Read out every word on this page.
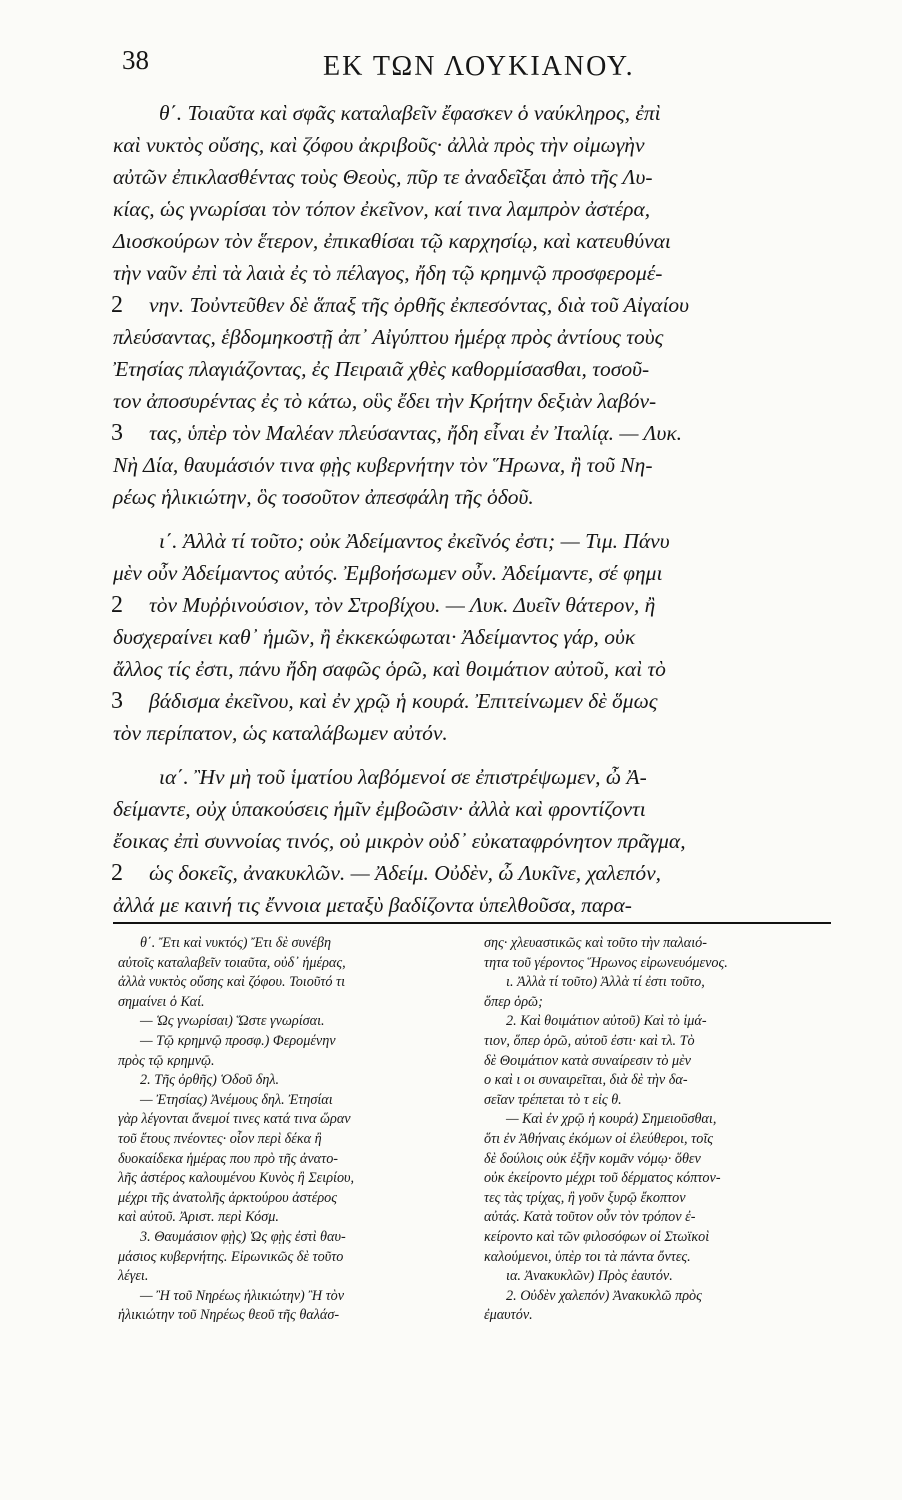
38	ΕΚ ΤΩΝ ΛΟΥΚΙΑΝΟΥ.
θ΄. Τοιαῦτα καὶ σφᾶς καταλαβεῖν ἔφασκεν ὁ ναύκληρος, ἐπὶ
καὶ νυκτὸς οὔσης, καὶ ζόφου ἀκριβοῦς· ἀλλὰ πρὸς τὴν οἰμωγὴν
αὐτῶν ἐπικλασθέντας τοὺς Θεοὺς, πῦρ τε ἀναδεῖξαι ἀπὸ τῆς Λυ-
κίας, ὡς γνωρίσαι τὸν τόπον ἐκεῖνον, καί τινα λαμπρὸν ἀστέρα,
Διοσκούρων τὸν ἕτερον, ἐπικαθίσαι τῷ καρχησίῳ, καὶ κατευθύναι
τὴν ναῦν ἐπὶ τὰ λαιὰ ἐς τὸ πέλαγος, ἤδη τῷ κρημνῷ προσφερομέ-
2 νην. Τοὐντεῦθεν δὲ ἅπαξ τῆς ὀρθῆς ἐκπεσόντας, διὰ τοῦ Αἰγαίου
πλεύσαντας, ἑβδομηκοστῇ ἀπ᾽ Αἰγύπτου ἡμέρᾳ πρὸς ἀντίους τοὺς
Ἐτησίας πλαγιάζοντας, ἐς Πειραιᾶ χθὲς καθορμίσασθαι, τοσοῦ-
τον ἀποσυρέντας ἐς τὸ κάτω, οὓς ἔδει τὴν Κρήτην δεξιὰν λαβόν-
3 τας, ὑπὲρ τὸν Μαλέαν πλεύσαντας, ἤδη εἶναι ἐν Ἰταλίᾳ. — Λυκ.
Νὴ Δία, θαυμάσιόν τινα φῂς κυβερνήτην τὸν Ἥρωνα, ἢ τοῦ Νη-
ρέως ἡλικιώτην, ὃς τοσοῦτον ἀπεσφάλη τῆς ὁδοῦ.
ι΄. Ἀλλὰ τί τοῦτο; οὐκ Ἀδείμαντος ἐκεῖνός ἐστι; — Τιμ. Πάνυ
μὲν οὖν Ἀδείμαντος αὐτός. Ἐμβοήσωμεν οὖν. Ἀδείμαντε, σέ φημι
2 τὸν Μυῤῥινούσιον, τὸν Στροβίχου. — Λυκ. Δυεῖν θάτερον, ἢ
δυσχεραίνει καθ᾽ ἡμῶν, ἢ ἐκκεκώφωται· Ἀδείμαντος γάρ, οὐκ
ἄλλος τίς ἐστι, πάνυ ἤδη σαφῶς ὁρῶ, καὶ θοιμάτιον αὐτοῦ, καὶ τὸ
3 βάδισμα ἐκεῖνου, καὶ ἐν χρῷ ἡ κουρά. Ἐπιτείνωμεν δὲ ὅμως
τὸν περίπατον, ὡς καταλάβωμεν αὐτόν.
ια΄. Ἢν μὴ τοῦ ἱματίου λαβόμενοί σε ἐπιστρέψωμεν, ὦ Ἀ-
δείμαντε, οὐχ ὑπακούσεις ἡμῖν ἐμβοῶσιν· ἀλλὰ καὶ φροντίζοντι
ἔοικας ἐπὶ συννοίας τινός, οὐ μικρὸν οὐδ᾽ εὐκαταφρόνητον πρᾶγμα,
2 ὡς δοκεῖς, ἀνακυκλῶν. — Ἀδείμ. Οὐδὲν, ὦ Λυκῖνε, χαλεπόν,
ἀλλά με καινή τις ἔννοια μεταξὺ βαδίζοντα ὑπελθοῦσα, παρα-

θ΄. Ἔτι καὶ νυκτός) Ἔτι δὲ συνέβη

αὐτοῖς καταλαβεῖν τοιαῦτα, οὐδ᾽ ἡμέρας,

ἀλλὰ νυκτὸς οὔσης καὶ ζόφου. Τοιοῦτό τι

σημαίνει ὁ Καί.

— Ὡς γνωρίσαι) Ὥστε γνωρίσαι.

— Τῷ κρημνῷ προσφ.) Φερομένην

πρὸς τῷ κρημνῷ.

2. Τῆς ὀρθῆς) Ὁδοῦ δηλ.

— Ἐτησίας) Ἀνέμους δηλ. Ἐτησίαι

γὰρ λέγονται ἄνεμοί τινες κατά τινα ὥραν

τοῦ ἔτους πνέοντες· οἷον περὶ δέκα ἢ

δυοκαίδεκα ἡμέρας που πρὸ τῆς ἀνατο-

λῆς ἀστέρος καλουμένου Κυνὸς ἢ Σειρίου,

μέχρι τῆς ἀνατολῆς ἀρκτούρου ἀστέρος

καὶ αὐτοῦ. Ἀριστ. περὶ Κόσμ.

3. Θαυμάσιον φῂς) Ὡς φῂς ἐστὶ θαυ-

μάσιος κυβερνήτης. Εἰρωνικῶς δὲ τοῦτο

λέγει.

— Ἢ τοῦ Νηρέως ἡλικιώτην) Ἢ τὸν

ἡλικιώτην τοῦ Νηρέως θεοῦ τῆς θαλάσ-

σης· χλευαστικῶς καὶ τοῦτο τὴν παλαιό-

τητα τοῦ γέροντος Ἥρωνος εἰρωνευόμενος.

ι. Ἀλλὰ τί τοῦτο) Ἀλλὰ τί ἐστι τοῦτο,

ὅπερ ὁρῶ;

2. Καὶ θοιμάτιον αὐτοῦ) Καὶ τὸ ἱμά-

τιον, ὅπερ ὁρῶ, αὐτοῦ ἐστι· καὶ τλ. Τὸ

δὲ Θοιμάτιον κατὰ συναίρεσιν τὸ μὲν

ο καὶ ι οι συναιρεῖται, διὰ δὲ τὴν δα-

σεῖαν τρέπεται τὸ τ εἰς θ.

— Καὶ ἐν χρῷ ἡ κουρά) Σημειοῦσθαι,

ὅτι ἐν Ἀθήναις ἐκόμων οἱ ἐλεύθεροι, τοῖς

δὲ δούλοις οὐκ ἐξῆν κομᾶν νόμῳ· ὅθεν

οὐκ ἐκείροντο μέχρι τοῦ δέρματος κόπτον-

τες τὰς τρίχας, ἢ γοῦν ξυρῷ ἔκοπτον

αὐτάς. Κατὰ τοῦτον οὖν τὸν τρόπον ἐ-

κείροντο καὶ τῶν φιλοσόφων οἱ Στωϊκοὶ

καλούμενοι, ὑπὲρ τοι τὰ πάντα ὄντες.

ια. Ἀνακυκλῶν) Πρὸς ἑαυτόν.

2. Οὐδὲν χαλεπόν) Ἀνακυκλῶ πρὸς

ἐμαυτόν.
